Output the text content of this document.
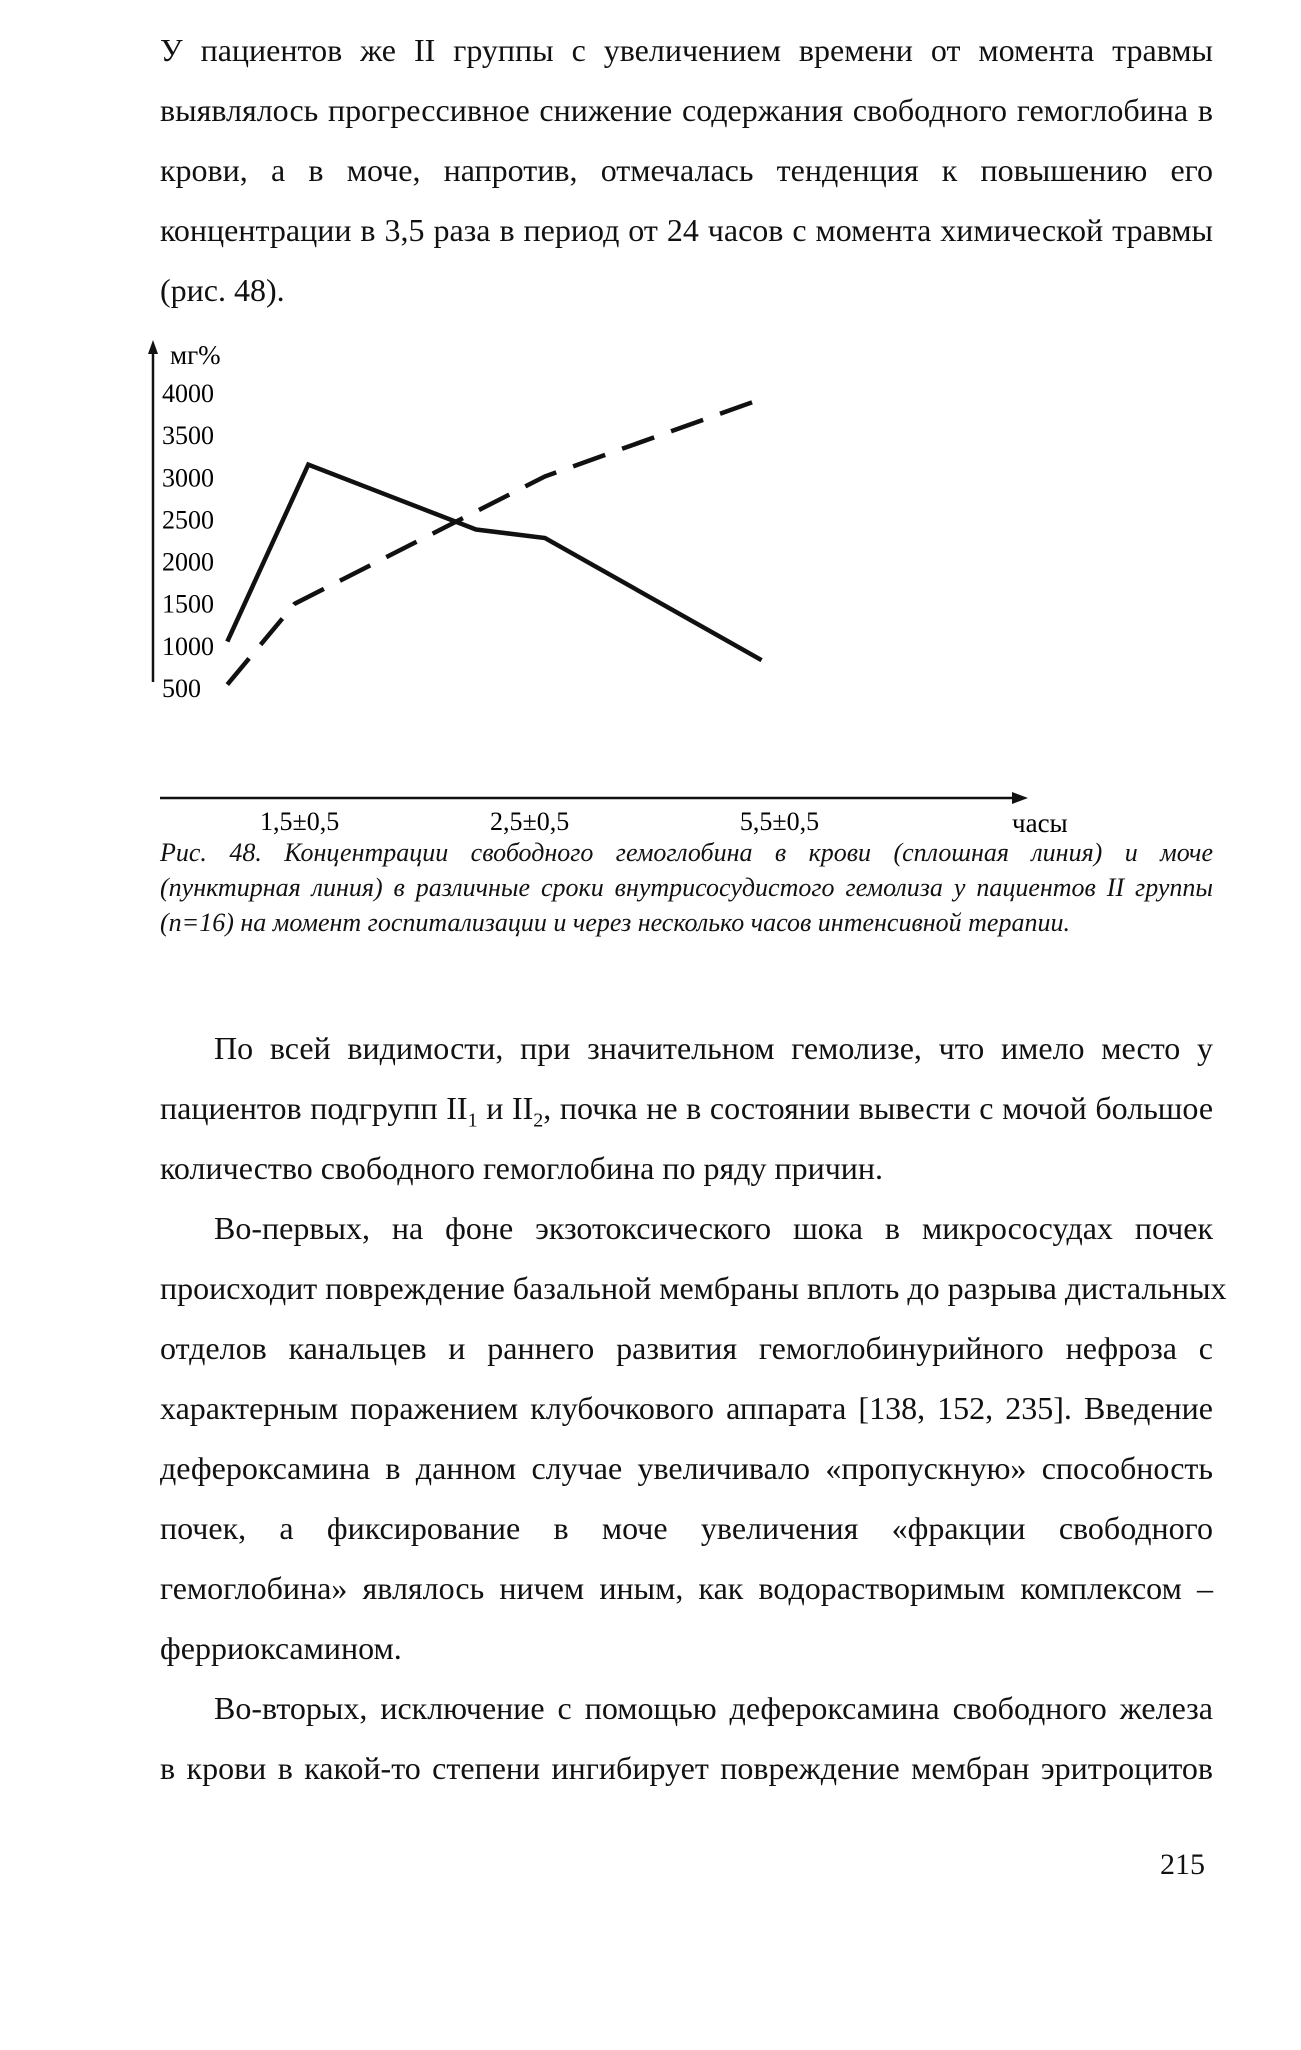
У пациентов же II группы с увеличением времени от момента травмы
выявлялось прогрессивное снижение содержания свободного гемоглобина в
крови, а в моче, напротив, отмечалась тенденция к повышению его
концентрации в 3,5 раза в период от 24 часов с момента химической травмы
(рис. 48).

мг%
4000
3500
3000
2500
2000
1500
1000
500
1,5±0,5	2,5±0,5	5,5±0,5	часы
Рис. 48. Концентрации свободного гемоглобина в крови (сплошная линия) и моче
(пунктирная линия) в различные сроки внутрисосудистого гемолиза у пациентов II группы
(n=16) на момент госпитализации и через несколько часов интенсивной терапии.

По всей видимости, при значительном гемолизе, что имело место у
пациентов подгрупп $II_1$ и $II_2$, почка не в состоянии вывести с мочой большое
количество свободного гемоглобина по ряду причин.

Во-первых, на фоне экзотоксического шока в микрососудах почек
происходит повреждение базальной мембраны вплоть до разрыва дистальных
отделов канальцев и раннего развития гемоглобинурийного нефроза с
характерным поражением клубочкового аппарата [138, 152, 235]. Введение
дефероксамина в данном случае увеличивало «пропускную» способность
почек, а фиксирование в моче увеличения «фракции свободного
гемоглобина» являлось ничем иным, как водорастворимым комплексом –
ферриоксамином.

Во-вторых, исключение с помощью дефероксамина свободного железа
в крови в какой-то степени ингибирует повреждение мембран эритроцитов

215
